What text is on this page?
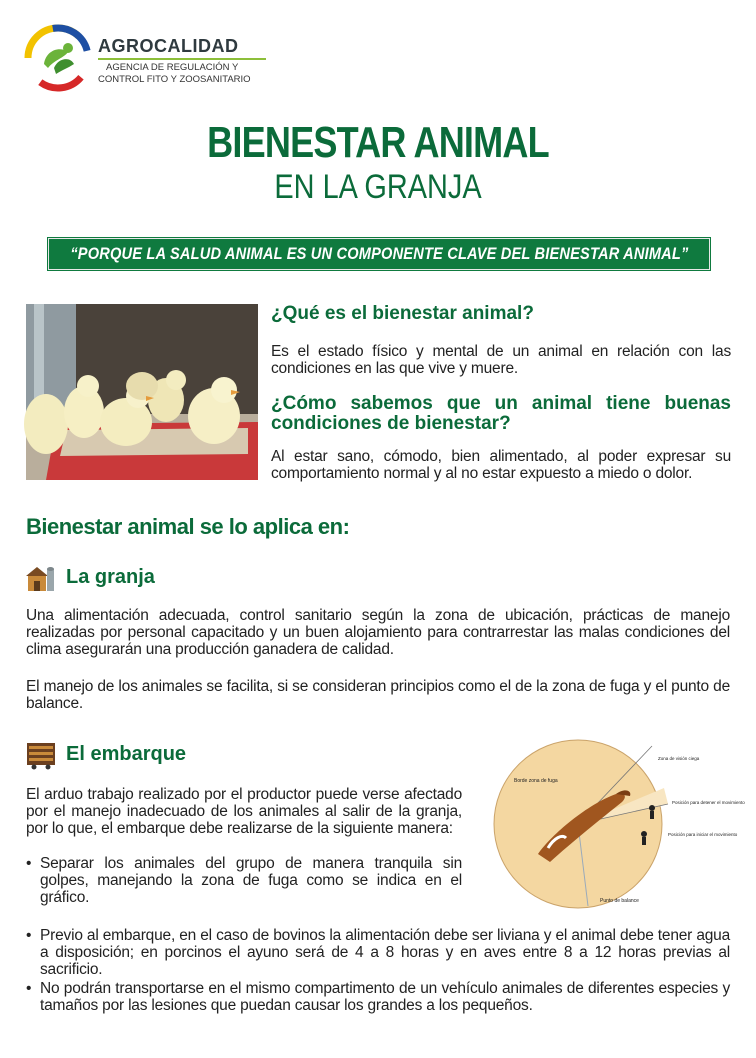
AGROCALIDAD
AGENCIA DE REGULACIÓN Y
CONTROL FITO Y ZOOSANITARIO
BIENESTAR ANIMAL
EN LA GRANJA
“PORQUE LA SALUD ANIMAL ES UN COMPONENTE CLAVE DEL BIENESTAR ANIMAL”
¿Qué es el bienestar animal?
Es el estado físico y mental de un animal en relación con las condiciones en las que vive y muere.
¿Cómo sabemos que un animal tiene buenas condiciones de bienestar?
Al estar sano, cómodo, bien alimentado, al poder expresar su comportamiento normal y al no estar expuesto a miedo o dolor.
Bienestar animal se lo aplica en:
La granja
Una alimentación adecuada, control sanitario según la zona de ubicación, prácticas de manejo realizadas por personal capacitado y un buen alojamiento para contrarrestar las malas condiciones del clima asegurarán una producción ganadera de calidad.
El manejo de los animales se facilita, si se consideran principios como el de la zona de fuga y el punto de balance.
El embarque
El arduo trabajo realizado por el productor puede verse afectado por el manejo inadecuado de los animales al salir de la granja, por lo que, el embarque debe realizarse de la siguiente manera:
Borde zona de fuga
Zona de visión ciega
Posición para detener el movimiento
Posición para iniciar el movimiento
Punto de balance
• Separar los animales del grupo de manera tranquila sin golpes, manejando la zona de fuga como se indica en el gráfico.
• Previo al embarque, en el caso de bovinos la alimentación debe ser liviana y el animal debe tener agua a disposición; en porcinos el ayuno será de 4 a 8 horas y en aves entre 8 a 12 horas previas al sacrificio.
• No podrán transportarse en el mismo compartimento de un vehículo animales de diferentes especies y tamaños por las lesiones que puedan causar los grandes a los pequeños.
